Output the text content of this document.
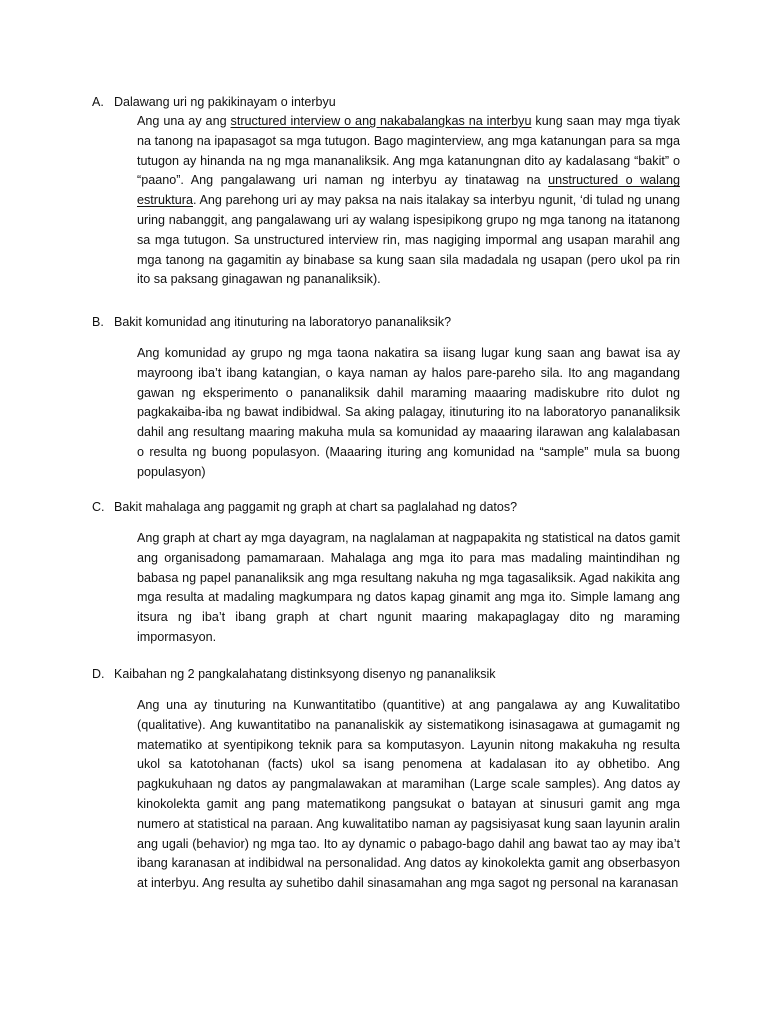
A. Dalawang uri ng pakikinayam o interbyu
Ang una ay ang structured interview o ang nakabalangkas na interbyu kung saan may mga tiyak na tanong na ipapasagot sa mga tutugon. Bago maginterview, ang mga katanungan para sa mga tutugon ay hinanda na ng mga mananaliksik. Ang mga katanungnan dito ay kadalasang “bakit” o “paano”. Ang pangalawang uri naman ng interbyu ay tinatawag na unstructured o walang estruktura. Ang parehong uri ay may paksa na nais italakay sa interbyu ngunit, ‘di tulad ng unang uring nabanggit, ang pangalawang uri ay walang ispesipikong grupo ng mga tanong na itatanong sa mga tutugon. Sa unstructured interview rin, mas nagiging impormal ang usapan marahil ang mga tanong na gagamitin ay binabase sa kung saan sila madadala ng usapan (pero ukol pa rin ito sa paksang ginagawan ng pananaliksik).
B. Bakit komunidad ang itinuturing na laboratoryo pananaliksik?
Ang komunidad ay grupo ng mga taona nakatira sa iisang lugar kung saan ang bawat isa ay mayroong iba’t ibang katangian, o kaya naman ay halos pare-pareho sila. Ito ang magandang gawan ng eksperimento o pananaliksik dahil maraming maaaring madiskubre rito dulot ng pagkakaiba-iba ng bawat indibidwal. Sa aking palagay, itinuturing ito na laboratoryo pananaliksik dahil ang resultang maaring makuha mula sa komunidad ay maaaring ilarawan ang kalalabasan o resulta ng buong populasyon. (Maaaring ituring ang komunidad na “sample” mula sa buong populasyon)
C. Bakit mahalaga ang paggamit ng graph at chart sa paglalahad ng datos?
Ang graph at chart ay mga dayagram, na naglalaman at nagpapakita ng statistical na datos gamit ang organisadong pamamaraan. Mahalaga ang mga ito para mas madaling maintindihan ng babasa ng papel pananaliksik ang mga resultang nakuha ng mga tagasaliksik. Agad nakikita ang mga resulta at madaling magkumpara ng datos kapag ginamit ang mga ito. Simple lamang ang itsura ng iba’t ibang graph at chart ngunit maaring makapaglagay dito ng maraming impormasyon.
D. Kaibahan ng 2 pangkalahatang distinksyong disenyo ng pananaliksik
Ang una ay tinuturing na Kunwantitatibo (quantitive) at ang pangalawa ay ang Kuwalitatibo (qualitative). Ang kuwantitatibo na pananaliskik ay sistematikong isinasagawa at gumagamit ng matematiko at syentipikong teknik para sa komputasyon. Layunin nitong makakuha ng resulta ukol sa katotohanan (facts) ukol sa isang penomena at kadalasan ito ay obhetibo. Ang pagkukuhaan ng datos ay pangmalawakan at maramihan (Large scale samples). Ang datos ay kinokolekta gamit ang pang matematikong pangsukat o batayan at sinusuri gamit ang mga numero at statistical na paraan. Ang kuwalitatibo naman ay pagsisiyasat kung saan layunin aralin ang ugali (behavior) ng mga tao. Ito ay dynamic o pabago-bago dahil ang bawat tao ay may iba’t ibang karanasan at indibidwal na personalidad. Ang datos ay kinokolekta gamit ang obserbasyon at interbyu. Ang resulta ay suhetibo dahil sinasamahan ang mga sagot ng personal na karanasan
